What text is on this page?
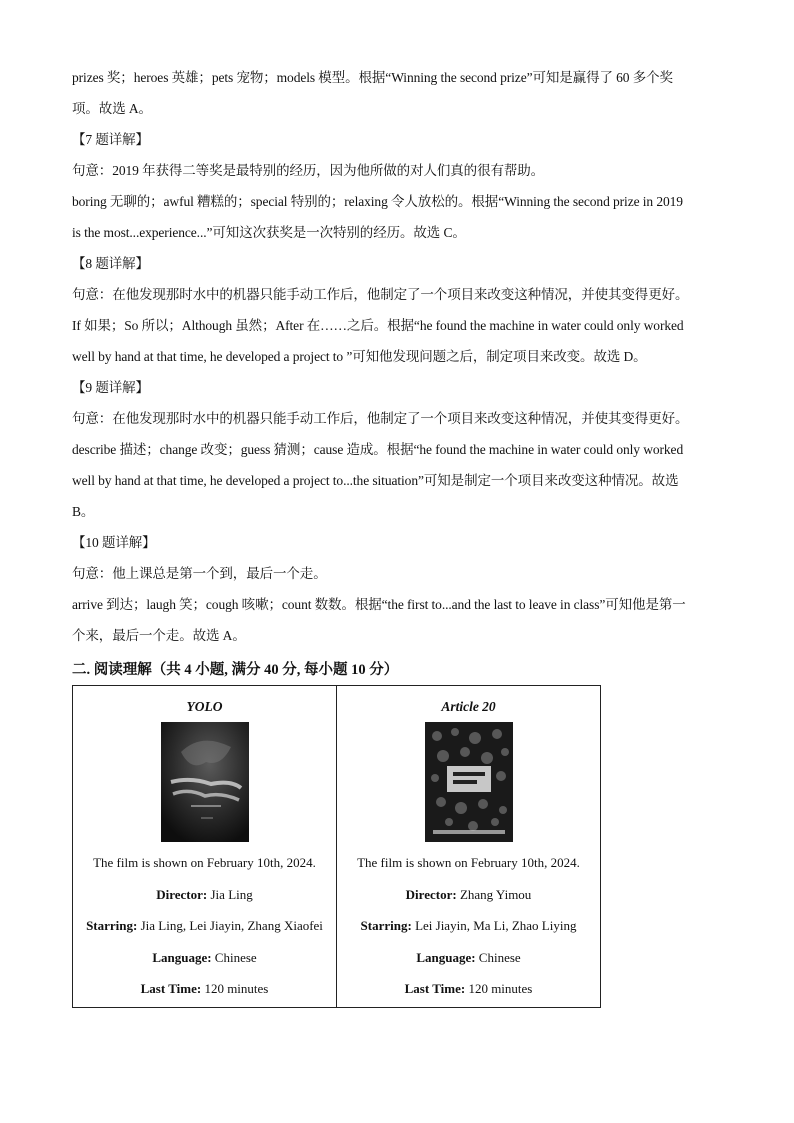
prizes 奖；heroes 英雄；pets 宠物；models 模型。根据“Winning the second prize”可知是赢得了 60 多个奖
项。故选 A。
【7 题详解】
句意：2019 年获得二等奖是最特别的经历，因为他所做的对人们真的很有帮助。
boring 无聊的；awful 糟糕的；special 特别的；relaxing 令人放松的。根据“Winning the second prize in 2019
is the most...experience...”可知这次获奖是一次特别的经历。故选 C。
【8 题详解】
句意：在他发现那时水中的机器只能手动工作后，他制定了一个项目来改变这种情况，并使其变得更好。
If 如果；So 所以；Although 虽然；After 在……之后。根据“he found the machine in water could only worked
well by hand at that time, he developed a project to ”可知他发现问题之后，制定项目来改变。故选 D。
【9 题详解】
句意：在他发现那时水中的机器只能手动工作后，他制定了一个项目来改变这种情况，并使其变得更好。
describe 描述；change 改变；guess 猜测；cause 造成。根据“he found the machine in water could only worked
well by hand at that time, he developed a project to...the situation”可知是制定一个项目来改变这种情况。故选
B。
【10 题详解】
句意：他上课总是第一个到，最后一个走。
arrive 到达；laugh 笑；cough 咳嗽；count 数数。根据“the first to...and the last to leave in class”可知他是第一
个来，最后一个走。故选 A。
二. 阅读理解（共 4 小题, 满分 40 分, 每小题 10 分）
YOLO
The film is shown on February 10th, 2024.
Director: Jia Ling
Starring: Jia Ling, Lei Jiayin, Zhang Xiaofei
Language: Chinese
Last Time: 120 minutes

Article 20
The film is shown on February 10th, 2024.
Director: Zhang Yimou
Starring: Lei Jiayin, Ma Li, Zhao Liying
Language: Chinese
Last Time: 120 minutes
